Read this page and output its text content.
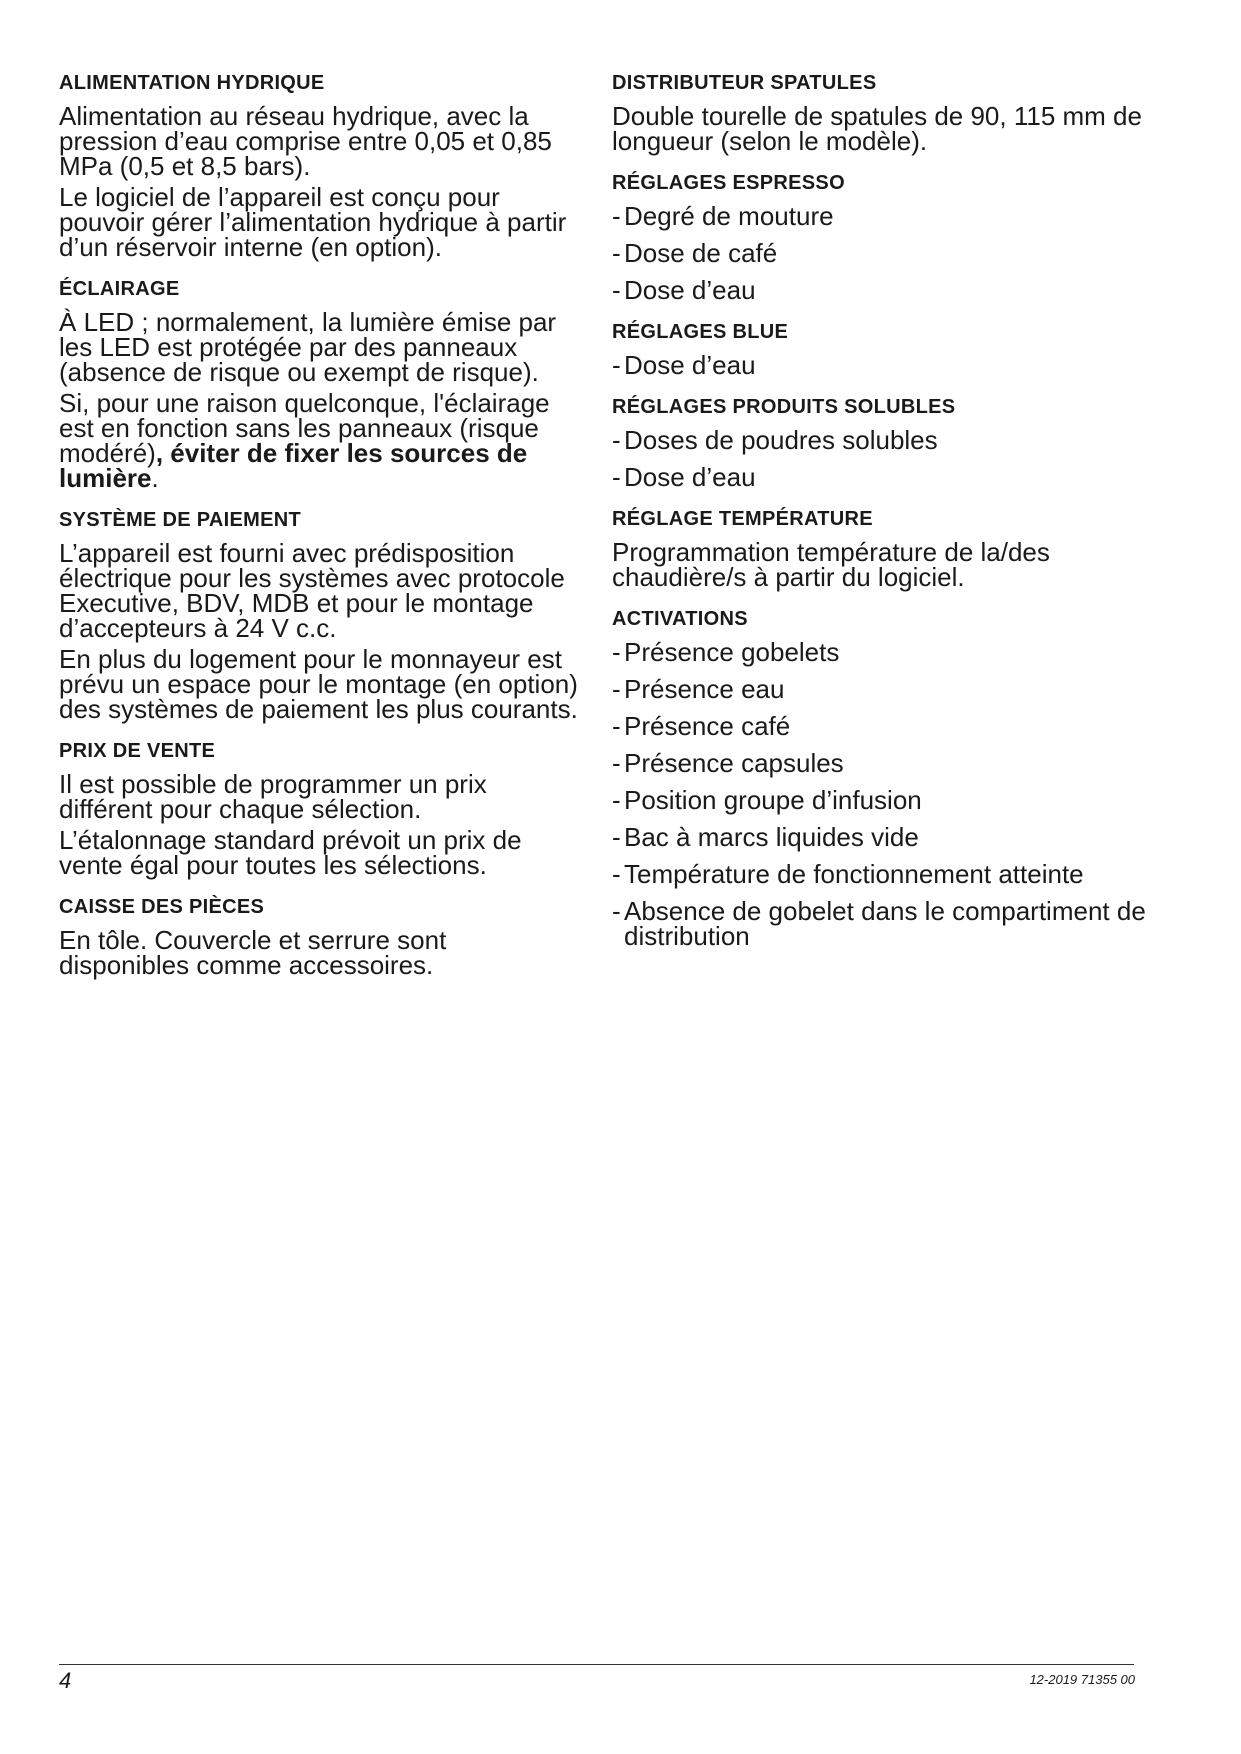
ALIMENTATION HYDRIQUE

Alimentation au réseau hydrique, avec la pression d’eau comprise entre 0,05 et 0,85 MPa (0,5 et 8,5 bars).

Le logiciel de l’appareil est conçu pour pouvoir gérer l’alimentation hydrique à partir d’un réservoir interne (en option).

ÉCLAIRAGE

À LED ; normalement, la lumière émise par les LED est protégée par des panneaux (absence de risque ou exempt de risque).

Si, pour une raison quelconque, l'éclairage est en fonction sans les panneaux (risque modéré), éviter de fixer les sources de lumière.

SYSTÈME DE PAIEMENT

L’appareil est fourni avec prédisposition électrique pour les systèmes avec protocole Executive, BDV, MDB et pour le montage d’accepteurs à 24 V c.c.

En plus du logement pour le monnayeur est prévu un espace pour le montage (en option) des systèmes de paiement les plus courants.

PRIX DE VENTE

Il est possible de programmer un prix différent pour chaque sélection.

L’étalonnage standard prévoit un prix de vente égal pour toutes les sélections.

CAISSE DES PIÈCES

En tôle. Couvercle et serrure sont disponibles comme accessoires.

DISTRIBUTEUR SPATULES

Double tourelle de spatules de 90, 115 mm de longueur (selon le modèle).

RÉGLAGES ESPRESSO
- Degré de mouture
- Dose de café
- Dose d’eau
RÉGLAGES BLUE
- Dose d’eau
RÉGLAGES PRODUITS SOLUBLES
- Doses de poudres solubles
- Dose d’eau
RÉGLAGE TEMPÉRATURE

Programmation température de la/des chaudière/s à partir du logiciel.

ACTIVATIONS
- Présence gobelets
- Présence eau
- Présence café
- Présence capsules
- Position groupe d’infusion
- Bac à marcs liquides vide
- Température de fonctionnement atteinte
- Absence de gobelet dans le compartiment de distribution
4	12-2019 71355 00
